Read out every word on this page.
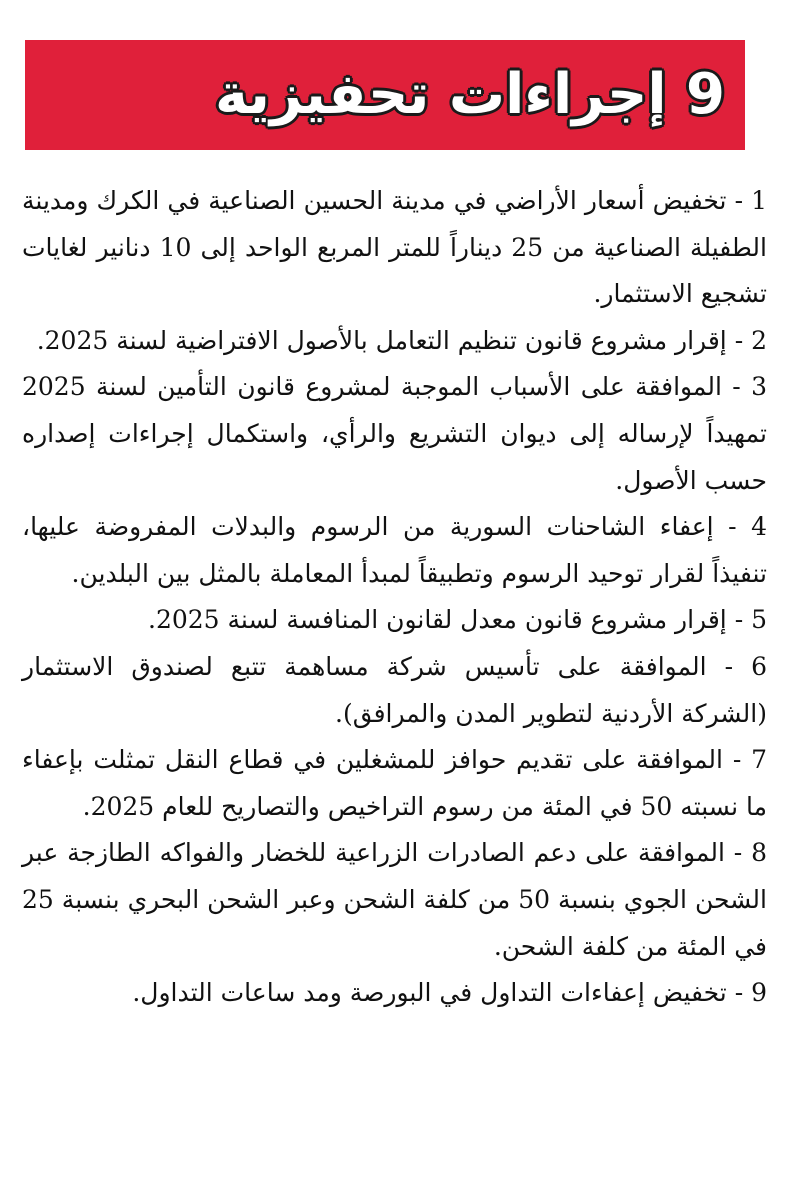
9 إجراءات تحفيزية

1 - تخفيض أسعار الأراضي في مدينة الحسين الصناعية في الكرك ومدينة الطفيلة الصناعية من 25 ديناراً للمتر المربع الواحد إلى 10 دنانير لغايات تشجيع الاستثمار.

2 - إقرار مشروع قانون تنظيم التعامل بالأصول الافتراضية لسنة 2025.

3 - الموافقة على الأسباب الموجبة لمشروع قانون التأمين لسنة 2025 تمهيداً لإرساله إلى ديوان التشريع والرأي، واستكمال إجراءات إصداره حسب الأصول.

4 - إعفاء الشاحنات السورية من الرسوم والبدلات المفروضة عليها، تنفيذاً لقرار توحيد الرسوم وتطبيقاً لمبدأ المعاملة بالمثل بين البلدين.

5 - إقرار مشروع قانون معدل لقانون المنافسة لسنة 2025.

6 - الموافقة على تأسيس شركة مساهمة تتبع لصندوق الاستثمار (الشركة الأردنية لتطوير المدن والمرافق).

7 - الموافقة على تقديم حوافز للمشغلين في قطاع النقل تمثلت بإعفاء ما نسبته 50 في المئة من رسوم التراخيص والتصاريح للعام 2025.

8 - الموافقة على دعم الصادرات الزراعية للخضار والفواكه الطازجة عبر الشحن الجوي بنسبة 50 من كلفة الشحن وعبر الشحن البحري بنسبة 25 في المئة من كلفة الشحن.

9 - تخفيض إعفاءات التداول في البورصة ومد ساعات التداول.
